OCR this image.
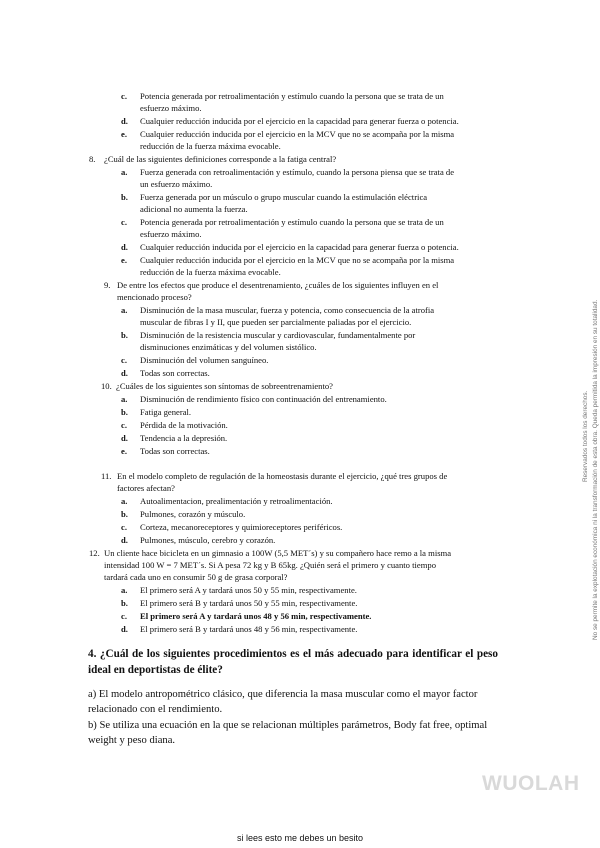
c. Potencia generada por retroalimentación y estímulo cuando la persona que se trata de un
esfuerzo máximo.
d. Cualquier reducción inducida por el ejercicio en la capacidad para generar fuerza o potencia.
e. Cualquier reducción inducida por el ejercicio en la MCV que no se acompaña por la misma
reducción de la fuerza máxima evocable.
8. ¿Cuál de las siguientes definiciones corresponde a la fatiga central?
a. Fuerza generada con retroalimentación y estímulo, cuando la persona piensa que se trata de
un esfuerzo máximo.
b. Fuerza generada por un músculo o grupo muscular cuando la estimulación eléctrica
adicional no aumenta la fuerza.
c. Potencia generada por retroalimentación y estímulo cuando la persona que se trata de un
esfuerzo máximo.
d. Cualquier reducción inducida por el ejercicio en la capacidad para generar fuerza o potencia.
e. Cualquier reducción inducida por el ejercicio en la MCV que no se acompaña por la misma
reducción de la fuerza máxima evocable.
9. De entre los efectos que produce el desentrenamiento, ¿cuáles de los siguientes influyen en el
mencionado proceso?
a. Disminución de la masa muscular, fuerza y potencia, como consecuencia de la atrofia
muscular de fibras I y II, que pueden ser parcialmente paliadas por el ejercicio.
b. Disminución de la resistencia muscular y cardiovascular, fundamentalmente por
disminuciones enzimáticas y del volumen sistólico.
c. Disminución del volumen sanguíneo.
d. Todas son correctas.
10. ¿Cuáles de los siguientes son síntomas de sobreentrenamiento?
a. Disminución de rendimiento físico con continuación del entrenamiento.
b. Fatiga general.
c. Pérdida de la motivación.
d. Tendencia a la depresión.
e. Todas son correctas.
11. En el modelo completo de regulación de la homeostasis durante el ejercicio, ¿qué tres grupos de
factores afectan?
a. Autoalimentacion, prealimentación y retroalimentación.
b. Pulmones, corazón y músculo.
c. Corteza, mecanoreceptores y quimioreceptores periféricos.
d. Pulmones, músculo, cerebro y corazón.
12. Un cliente hace bicicleta en un gimnasio a 100W (5,5 MET´s) y su compañero hace remo a la misma
intensidad 100 W = 7 MET´s. Si A pesa 72 kg y B 65kg. ¿Quién será el primero y cuanto tiempo
tardará cada uno en consumir 50 g de grasa corporal?
a. El primero será A y tardará unos 50 y 55 min, respectivamente.
b. El primero será B y tardará unos 50 y 55 min, respectivamente.
c. El primero será A y tardará unos 48 y 56 min, respectivamente.
d. El primero será B y tardará unos 48 y 56 min, respectivamente.
4. ¿Cuál de los siguientes procedimientos es el más adecuado para identificar el peso ideal en deportistas de élite?
a) El modelo antropométrico clásico, que diferencia la masa muscular como el mayor factor relacionado con el rendimiento.
b) Se utiliza una ecuación en la que se relacionan múltiples parámetros, Body fat free, optimal weight y peso diana.
Reservados todos los derechos. No se permite la explotación económica ni la transformación de esta obra. Queda permitida la impresión en su totalidad.
WUOLAH
si lees esto me debes un besito
